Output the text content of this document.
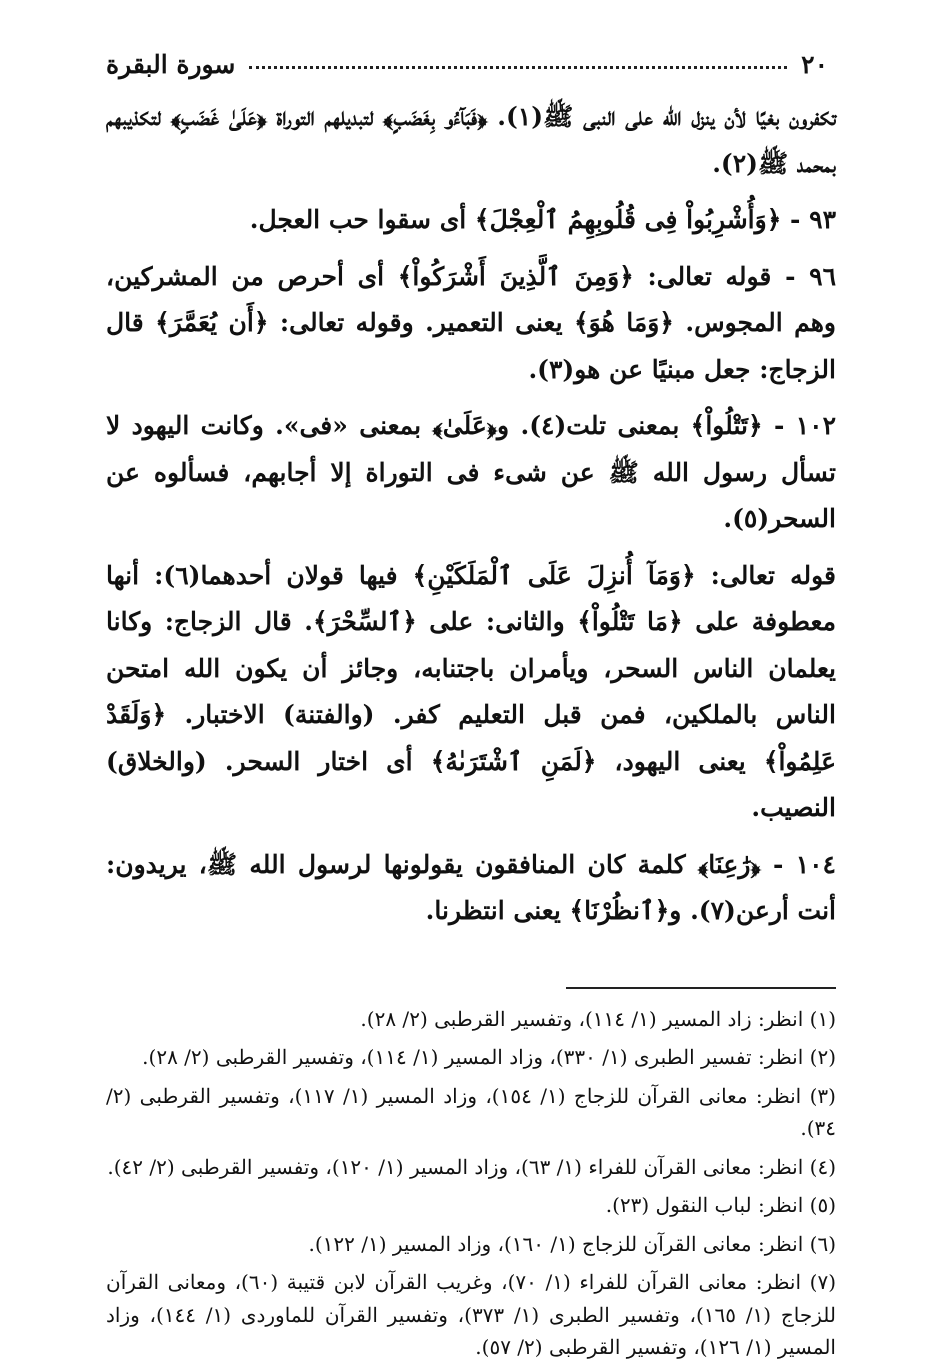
٢٠
سورة البقرة

تكفرون بغيًا لأن ينزل الله على النبى ﷺ(١). ﴿فَبَآءُو بِغَضَبٍ﴾ لتبديلهم التوراة ﴿عَلَىٰ غَضَبٍ﴾ لتكذيبهم بمحمد ﷺ(٢).

٩٣ - ﴿وَأُشْرِبُواْ فِى قُلُوبِهِمُ ٱلْعِجْلَ﴾ أى سقوا حب العجل.

٩٦ - قوله تعالى: ﴿وَمِنَ ٱلَّذِينَ أَشْرَكُواْ﴾ أى أحرص من المشركين، وهم المجوس. ﴿وَمَا هُوَ﴾ يعنى التعمير. وقوله تعالى: ﴿أَن يُعَمَّرَ﴾ قال الزجاج: جعل مبنيًا عن هو(٣).

١٠٢ - ﴿تَتْلُواْ﴾ بمعنى تلت(٤). و﴿عَلَىٰ﴾ بمعنى «فى». وكانت اليهود لا تسأل رسول الله ﷺ عن شىء فى التوراة إلا أجابهم، فسألوه عن السحر(٥).

قوله تعالى: ﴿وَمَآ أُنزِلَ عَلَى ٱلْمَلَكَيْنِ﴾ فيها قولان أحدهما(٦): أنها معطوفة على ﴿مَا تَتْلُواْ﴾ والثانى: على ﴿ٱلسِّحْرَ﴾. قال الزجاج: وكانا يعلمان الناس السحر، ويأمران باجتنابه، وجائز أن يكون الله امتحن الناس بالملكين، فمن قبل التعليم كفر. (والفتنة) الاختبار. ﴿وَلَقَدْ عَلِمُواْ﴾ يعنى اليهود، ﴿لَمَنِ ٱشْتَرَىٰهُ﴾ أى اختار السحر. (والخلاق) النصيب.

١٠٤ - ﴿رَٰعِنَا﴾ كلمة كان المنافقون يقولونها لرسول الله ﷺ، يريدون: أنت أرعن(٧). و﴿ٱنظُرْنَا﴾ يعنى انتظرنا.

(١) انظر: زاد المسير (١/ ١١٤)، وتفسير القرطبى (٢/ ٢٨).

(٢) انظر: تفسير الطبرى (١/ ٣٣٠)، وزاد المسير (١/ ١١٤)، وتفسير القرطبى (٢/ ٢٨).

(٣) انظر: معانى القرآن للزجاج (١/ ١٥٤)، وزاد المسير (١/ ١١٧)، وتفسير القرطبى (٢/ ٣٤).

(٤) انظر: معانى القرآن للفراء (١/ ٦٣)، وزاد المسير (١/ ١٢٠)، وتفسير القرطبى (٢/ ٤٢).

(٥) انظر: لباب النقول (٢٣).

(٦) انظر: معانى القرآن للزجاج (١/ ١٦٠)، وزاد المسير (١/ ١٢٢).

(٧) انظر: معانى القرآن للفراء (١/ ٧٠)، وغريب القرآن لابن قتيبة (٦٠)، ومعانى القرآن للزجاج (١/ ١٦٥)، وتفسير الطبرى (١/ ٣٧٣)، وتفسير القرآن للماوردى (١/ ١٤٤)، وزاد المسير (١/ ١٢٦)، وتفسير القرطبى (٢/ ٥٧).
